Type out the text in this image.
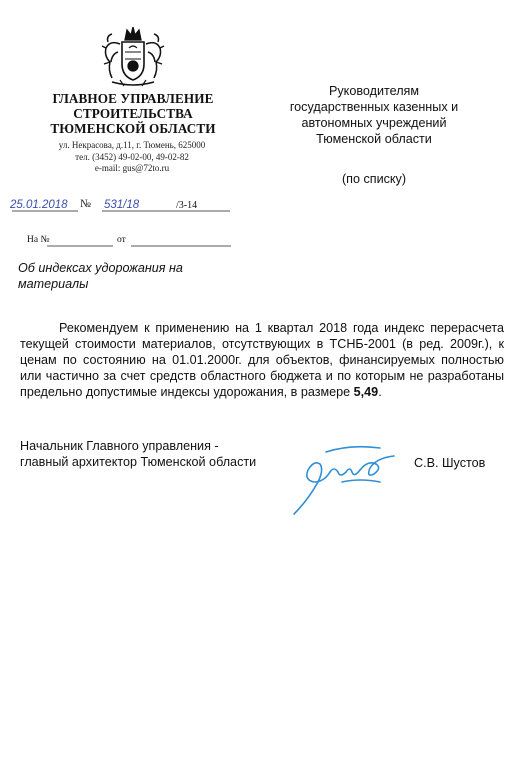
ГЛАВНОЕ УПРАВЛЕНИЕ
СТРОИТЕЛЬСТВА
ТЮМЕНСКОЙ ОБЛАСТИ
ул. Некрасова, д.11, г. Тюмень, 625000
тел. (3452) 49-02-00, 49-02-82
e-mail: gus@72to.ru
Руководителям
государственных казенных и
автономных учреждений
Тюменской области
(по списку)
25.01.2018 № 531/18	/3-14
На №	от
Об индексах удорожания на материалы
Рекомендуем к применению на 1 квартал 2018 года индекс перерасчета текущей стоимости материалов, отсутствующих в ТСНБ-2001 (в ред. 2009г.), к ценам по состоянию на 01.01.2000г. для объектов, финансируемых полностью или частично за счет средств областного бюджета и по которым не разработаны предельно допустимые индексы удорожания, в размере 5,49.
Начальник Главного управления -
главный архитектор Тюменской области	С.В. Шустов
